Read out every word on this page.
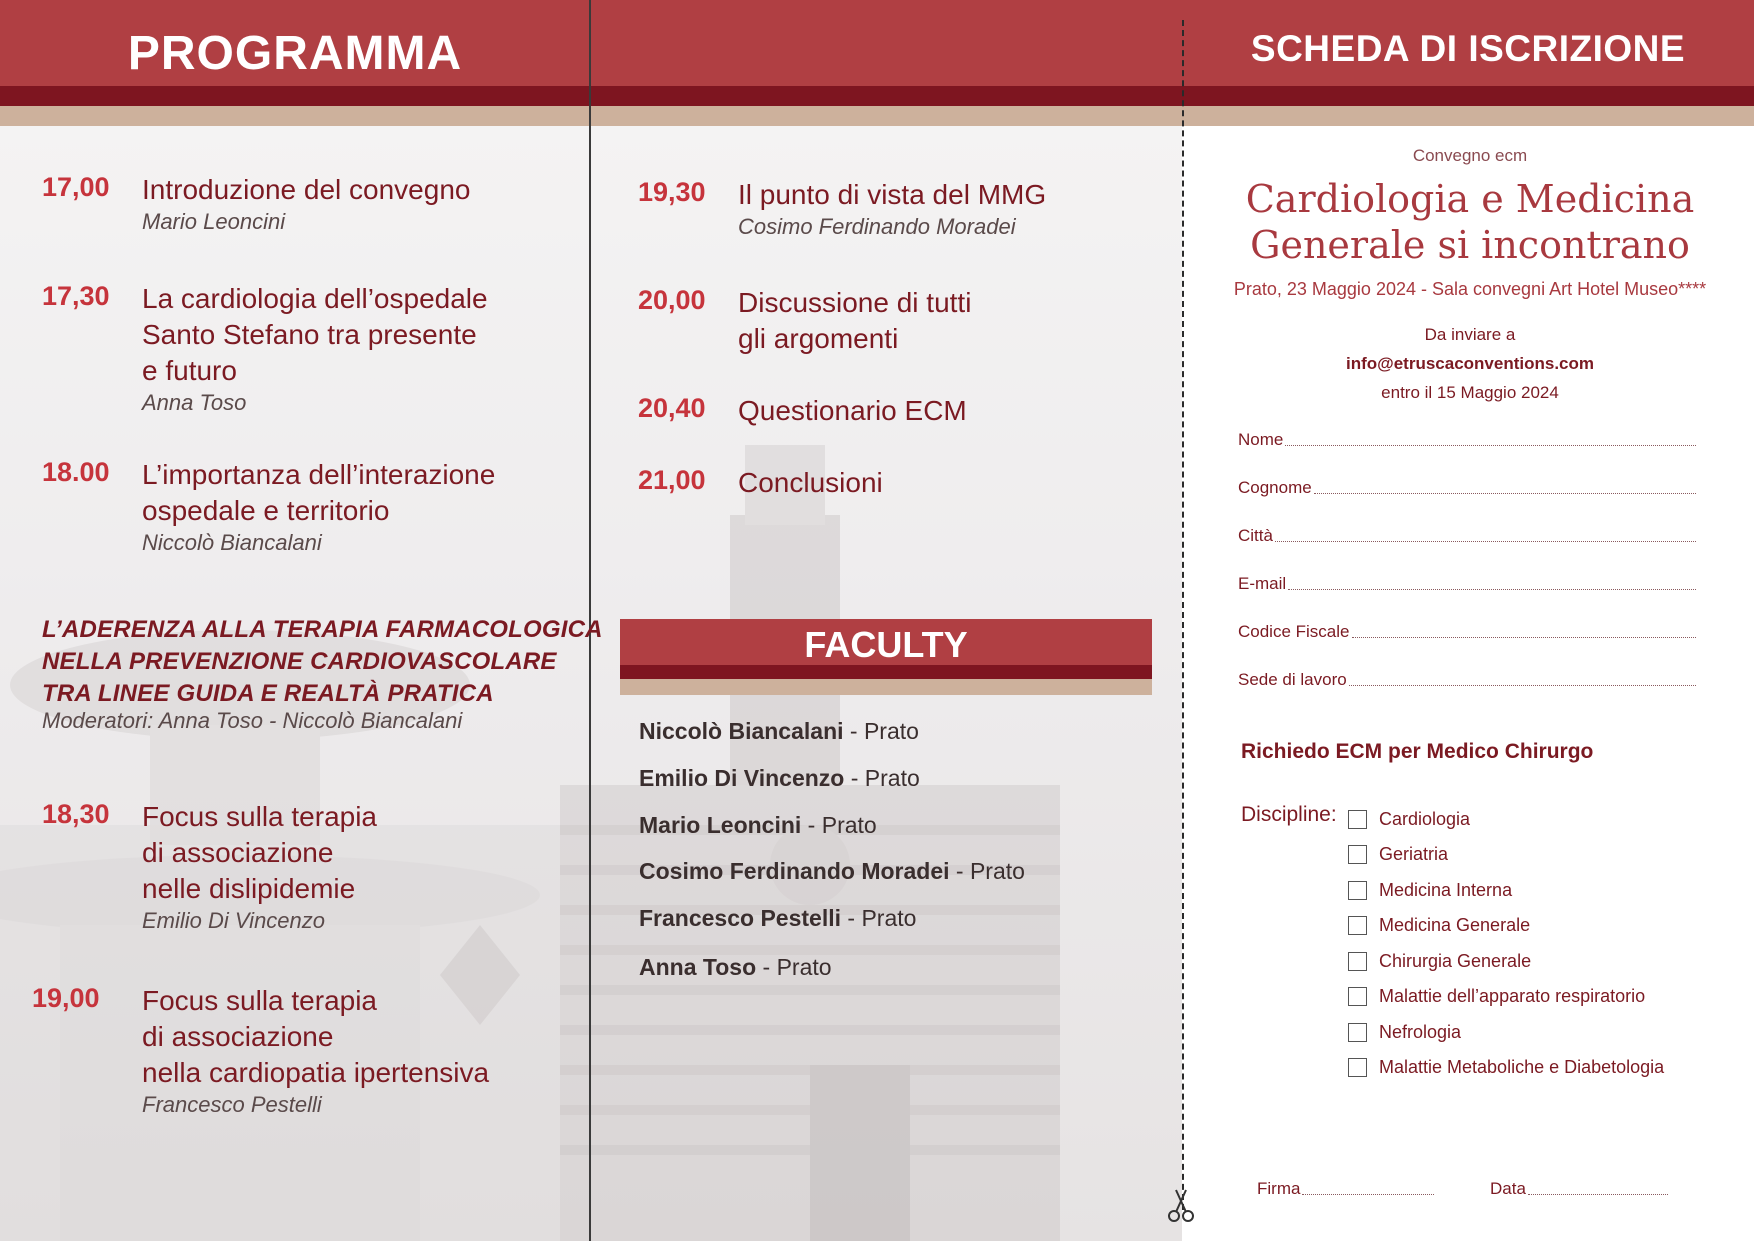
PROGRAMMA	SCHEDA DI ISCRIZIONE
17,00	Introduzione del convegno
Mario Leoncini
17,30	La cardiologia dell’ospedale
Santo Stefano tra presente
e futuro
Anna Toso
18.00	L’importanza dell’interazione
ospedale e territorio
Niccolò Biancalani
L’ADERENZA ALLA TERAPIA FARMACOLOGICA
NELLA PREVENZIONE CARDIOVASCOLARE
TRA LINEE GUIDA E REALTÀ PRATICA
Moderatori: Anna Toso - Niccolò Biancalani
18,30	Focus sulla terapia
di associazione
nelle dislipidemie
Emilio Di Vincenzo
19,00	Focus sulla terapia
di associazione
nella cardiopatia ipertensiva
Francesco Pestelli
19,30	Il punto di vista del MMG
Cosimo Ferdinando Moradei
20,00	Discussione di tutti
gli argomenti
20,40	Questionario ECM
21,00	Conclusioni
FACULTY
Niccolò Biancalani - Prato
Emilio Di Vincenzo - Prato
Mario Leoncini - Prato
Cosimo Ferdinando Moradei - Prato
Francesco Pestelli - Prato
Anna Toso - Prato
Convegno ecm
Cardiologia e Medicina
Generale si incontrano
Prato, 23 Maggio 2024 - Sala convegni Art Hotel Museo****
Da inviare a
info@etruscaconventions.com
entro il 15 Maggio 2024
Nome
Cognome
Città
E-mail
Codice Fiscale
Sede di lavoro
Richiedo ECM per Medico Chirurgo
Discipline: Cardiologia
Geriatria
Medicina Interna
Medicina Generale
Chirurgia Generale
Malattie dell’apparato respiratorio
Nefrologia
Malattie Metaboliche e Diabetologia
Firma	Data
